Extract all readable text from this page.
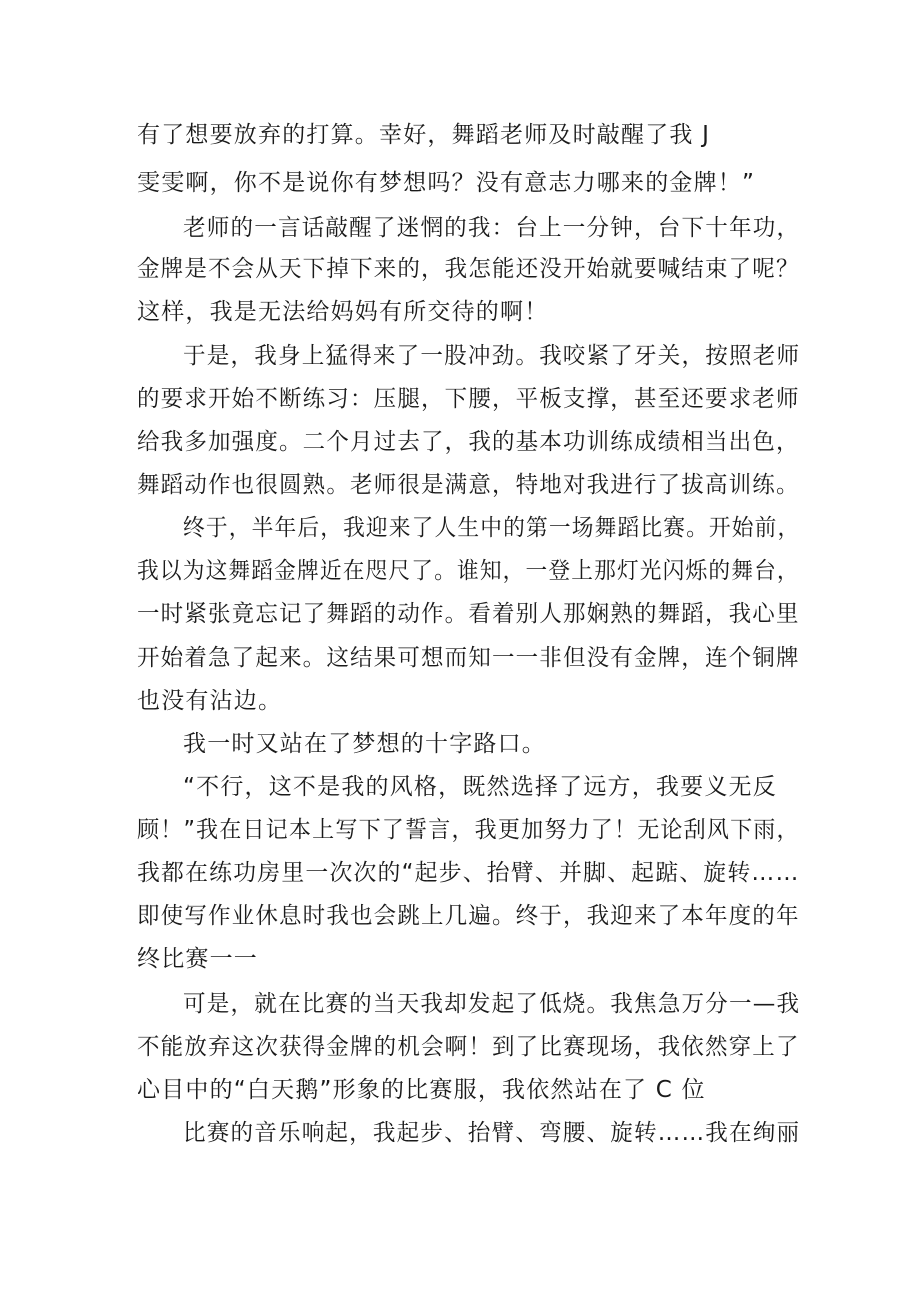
有了想要放弃的打算。幸好，舞蹈老师及时敲醒了我 J
雯雯啊，你不是说你有梦想吗？没有意志力哪来的金牌！”
老师的一言话敲醒了迷惘的我：台上一分钟，台下十年功，
金牌是不会从天下掉下来的，我怎能还没开始就要喊结束了呢？
这样，我是无法给妈妈有所交待的啊！
于是，我身上猛得来了一股冲劲。我咬紧了牙关，按照老师
的要求开始不断练习：压腿，下腰，平板支撑，甚至还要求老师
给我多加强度。二个月过去了，我的基本功训练成绩相当出色，
舞蹈动作也很圆熟。老师很是满意，特地对我进行了拔高训练。
终于，半年后，我迎来了人生中的第一场舞蹈比赛。开始前，
我以为这舞蹈金牌近在咫尺了。谁知，一登上那灯光闪烁的舞台，
一时紧张竟忘记了舞蹈的动作。看着别人那娴熟的舞蹈，我心里
开始着急了起来。这结果可想而知一一非但没有金牌，连个铜牌
也没有沾边。
我一时又站在了梦想的十字路口。
“不行，这不是我的风格，既然选择了远方，我要义无反
顾！”我在日记本上写下了誓言，我更加努力了！无论刮风下雨，
我都在练功房里一次次的“起步、抬臂、并脚、起踮、旋转……
即使写作业休息时我也会跳上几遍。终于，我迎来了本年度的年
终比赛一一
可是，就在比赛的当天我却发起了低烧。我焦急万分一—我
不能放弃这次获得金牌的机会啊！到了比赛现场，我依然穿上了
心目中的“白天鹅”形象的比赛服，我依然站在了 C 位
比赛的音乐响起，我起步、抬臂、弯腰、旋转……我在绚丽
